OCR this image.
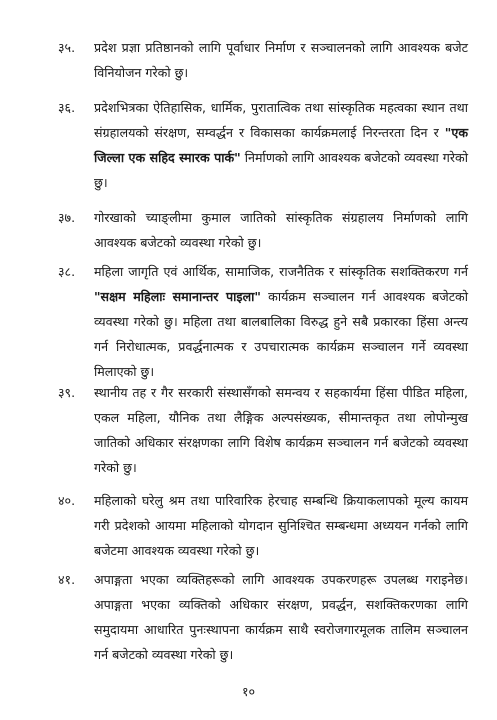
३५.	प्रदेश प्रज्ञा प्रतिष्ठानको लागि पूर्वाधार निर्माण र सञ्चालनको लागि आवश्यक बजेट विनियोजन गरेको छु।
३६.	प्रदेशभित्रका ऐतिहासिक, धार्मिक, पुरातात्विक तथा सांस्कृतिक महत्वका स्थान तथा संग्रहालयको संरक्षण, सम्वर्द्धन र विकासका कार्यक्रमलाई निरन्तरता दिन र "एक जिल्ला एक सहिद स्मारक पार्क" निर्माणको लागि आवश्यक बजेटको व्यवस्था गरेको छु।
३७.	गोरखाको च्याङ्लीमा कुमाल जातिको सांस्कृतिक संग्रहालय निर्माणको लागि आवश्यक बजेटको व्यवस्था गरेको छु।
३८.	महिला जागृति एवं आर्थिक, सामाजिक, राजनैतिक र सांस्कृतिक सशक्तिकरण गर्न "सक्षम महिलाः समानान्तर पाइला" कार्यक्रम सञ्चालन गर्न आवश्यक बजेटको व्यवस्था गरेको छु। महिला तथा बालबालिका विरुद्ध हुने सबै प्रकारका हिंसा अन्त्य गर्न निरोधात्मक, प्रवर्द्धनात्मक र उपचारात्मक कार्यक्रम सञ्चालन गर्ने व्यवस्था मिलाएको छु।
३९.	स्थानीय तह र गैर सरकारी संस्थासँगको समन्वय र सहकार्यमा हिंसा पीडित महिला, एकल महिला, यौनिक तथा लैङ्गिक अल्पसंख्यक, सीमान्तकृत तथा लोपोन्मुख जातिको अधिकार संरक्षणका लागि विशेष कार्यक्रम सञ्चालन गर्न बजेटको व्यवस्था गरेको छु।
४०.	महिलाको घरेलु श्रम तथा पारिवारिक हेरचाह सम्बन्धि क्रियाकलापको मूल्य कायम गरी प्रदेशको आयमा महिलाको योगदान सुनिश्चित सम्बन्धमा अध्ययन गर्नको लागि बजेटमा आवश्यक व्यवस्था गरेको छु।
४१.	अपाङ्गता भएका व्यक्तिहरूको लागि आवश्यक उपकरणहरू उपलब्ध गराइनेछ। अपाङ्गता भएका व्यक्तिको अधिकार संरक्षण, प्रवर्द्धन, सशक्तिकरणका लागि समुदायमा आधारित पुनःस्थापना कार्यक्रम साथै स्वरोजगारमूलक तालिम सञ्चालन गर्न बजेटको व्यवस्था गरेको छु।
१०
